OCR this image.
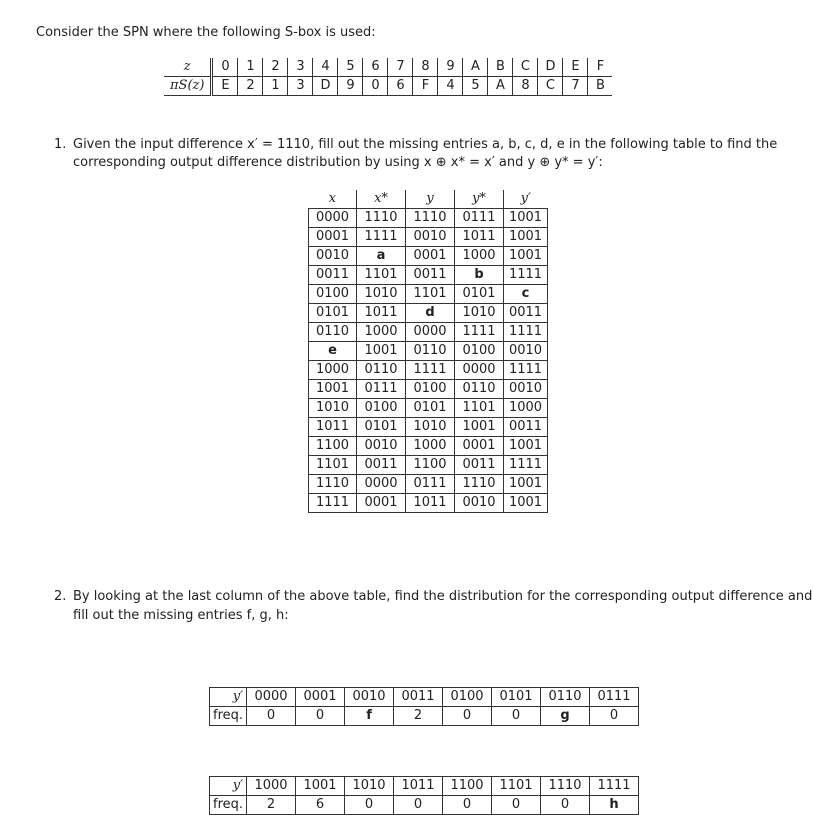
Consider the SPN where the following S-box is used:

z	0	1	2	3	4	5	6	7	8	9	A	B	C	D	E	F
πS(z)	E	2	1	3	D	9	0	6	F	4	5	A	8	C	7	B

1. Given the input difference x′ = 1110, fill out the missing entries a, b, c, d, e in the following table to find the

corresponding output difference distribution by using x ⊕ x* = x′ and y ⊕ y* = y′:

x	x*	y	y*	y′
0000	1110	1110	0111	1001
0001	1111	0010	1011	1001
0010	a	0001	1000	1001
0011	1101	0011	b	1111
0100	1010	1101	0101	c
0101	1011	d	1010	0011
0110	1000	0000	1111	1111
e	1001	0110	0100	0010
1000	0110	1111	0000	1111
1001	0111	0100	0110	0010
1010	0100	0101	1101	1000
1011	0101	1010	1001	0011
1100	0010	1000	0001	1001
1101	0011	1100	0011	1111
1110	0000	0111	1110	1001
1111	0001	1011	0010	1001

2. By looking at the last column of the above table, find the distribution for the corresponding output difference and

fill out the missing entries f, g, h:

y′	0000	0001	0010	0011	0100	0101	0110	0111
freq.	0	0	f	2	0	0	g	0
y′	1000	1001	1010	1011	1100	1101	1110	1111
freq.	2	6	0	0	0	0	0	h
